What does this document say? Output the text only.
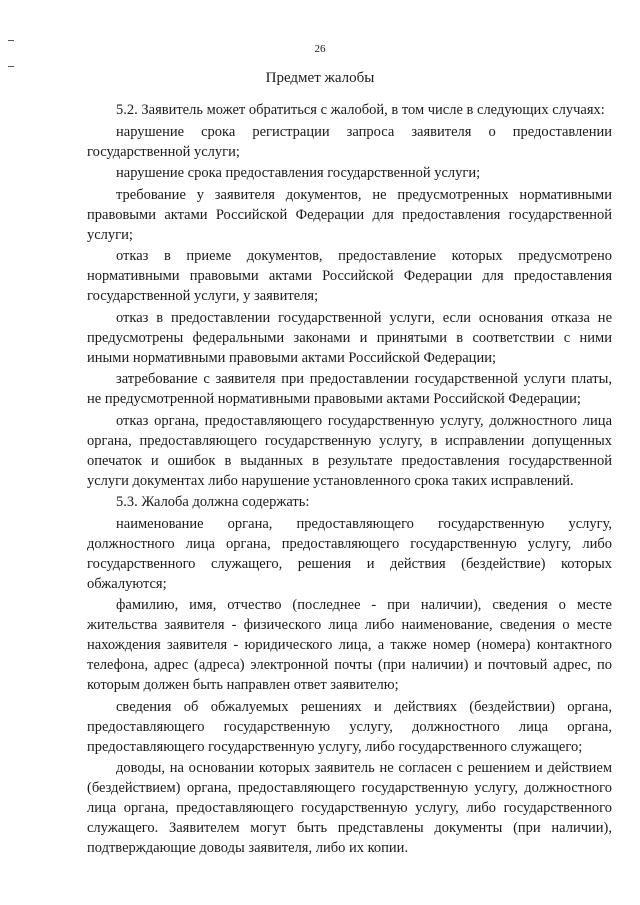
26
Предмет жалобы

5.2. Заявитель может обратиться с жалобой, в том числе в следующих случаях:

нарушение срока регистрации запроса заявителя о предоставлении государственной услуги;

нарушение срока предоставления государственной услуги;

требование у заявителя документов, не предусмотренных нормативными правовыми актами Российской Федерации для предоставления государственной услуги;

отказ в приеме документов, предоставление которых предусмотрено нормативными правовыми актами Российской Федерации для предоставления государственной услуги, у заявителя;

отказ в предоставлении государственной услуги, если основания отказа не предусмотрены федеральными законами и принятыми в соответствии с ними иными нормативными правовыми актами Российской Федерации;

затребование с заявителя при предоставлении государственной услуги платы, не предусмотренной нормативными правовыми актами Российской Федерации;

отказ органа, предоставляющего государственную услугу, должностного лица органа, предоставляющего государственную услугу, в исправлении допущенных опечаток и ошибок в выданных в результате предоставления государственной услуги документах либо нарушение установленного срока таких исправлений.

5.3. Жалоба должна содержать:

наименование органа, предоставляющего государственную услугу, должностного лица органа, предоставляющего государственную услугу, либо государственного служащего, решения и действия (бездействие) которых обжалуются;

фамилию, имя, отчество (последнее - при наличии), сведения о месте жительства заявителя - физического лица либо наименование, сведения о месте нахождения заявителя - юридического лица, а также номер (номера) контактного телефона, адрес (адреса) электронной почты (при наличии) и почтовый адрес, по которым должен быть направлен ответ заявителю;

сведения об обжалуемых решениях и действиях (бездействии) органа, предоставляющего государственную услугу, должностного лица органа, предоставляющего государственную услугу, либо государственного служащего;

доводы, на основании которых заявитель не согласен с решением и действием (бездействием) органа, предоставляющего государственную услугу, должностного лица органа, предоставляющего государственную услугу, либо государственного служащего. Заявителем могут быть представлены документы (при наличии), подтверждающие доводы заявителя, либо их копии.
